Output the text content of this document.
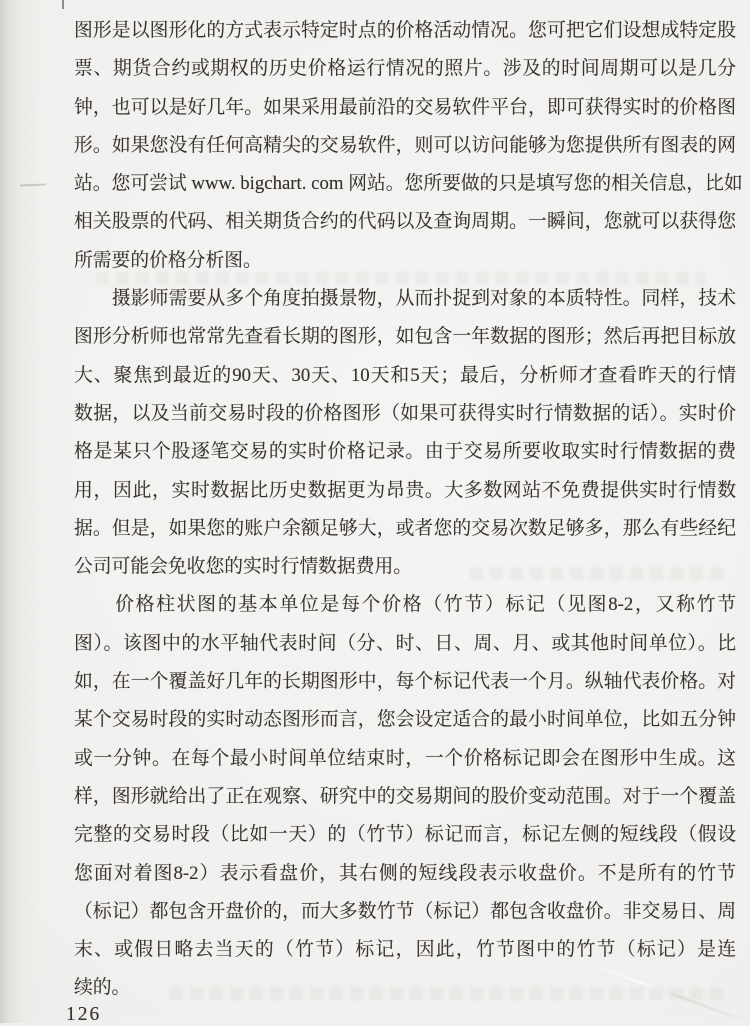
图形是以图形化的方式表示特定时点的价格活动情况。您可把它们设想成特定股
票、期货合约或期权的历史价格运行情况的照片。涉及的时间周期可以是几分
钟，也可以是好几年。如果采用最前沿的交易软件平台，即可获得实时的价格图
形。如果您没有任何高精尖的交易软件，则可以访问能够为您提供所有图表的网
站。您可尝试 www. bigchart. com 网站。您所要做的只是填写您的相关信息，比如
相关股票的代码、相关期货合约的代码以及查询周期。一瞬间，您就可以获得您
所需要的价格分析图。
　　摄影师需要从多个角度拍摄景物，从而扑捉到对象的本质特性。同样，技术
图形分析师也常常先查看长期的图形，如包含一年数据的图形；然后再把目标放
大、聚焦到最近的90天、30天、10天和5天；最后，分析师才查看昨天的行情
数据，以及当前交易时段的价格图形（如果可获得实时行情数据的话）。实时价
格是某只个股逐笔交易的实时价格记录。由于交易所要收取实时行情数据的费
用，因此，实时数据比历史数据更为昂贵。大多数网站不免费提供实时行情数
据。但是，如果您的账户余额足够大，或者您的交易次数足够多，那么有些经纪
公司可能会免收您的实时行情数据费用。
　　价格柱状图的基本单位是每个价格（竹节）标记（见图8-2，又称竹节
图）。该图中的水平轴代表时间（分、时、日、周、月、或其他时间单位）。比
如，在一个覆盖好几年的长期图形中，每个标记代表一个月。纵轴代表价格。对
某个交易时段的实时动态图形而言，您会设定适合的最小时间单位，比如五分钟
或一分钟。在每个最小时间单位结束时，一个价格标记即会在图形中生成。这
样，图形就给出了正在观察、研究中的交易期间的股价变动范围。对于一个覆盖
完整的交易时段（比如一天）的（竹节）标记而言，标记左侧的短线段（假设
您面对着图8-2）表示看盘价，其右侧的短线段表示收盘价。不是所有的竹节
（标记）都包含开盘价的，而大多数竹节（标记）都包含收盘价。非交易日、周
末、或假日略去当天的（竹节）标记，因此，竹节图中的竹节（标记）是连
续的。
126
